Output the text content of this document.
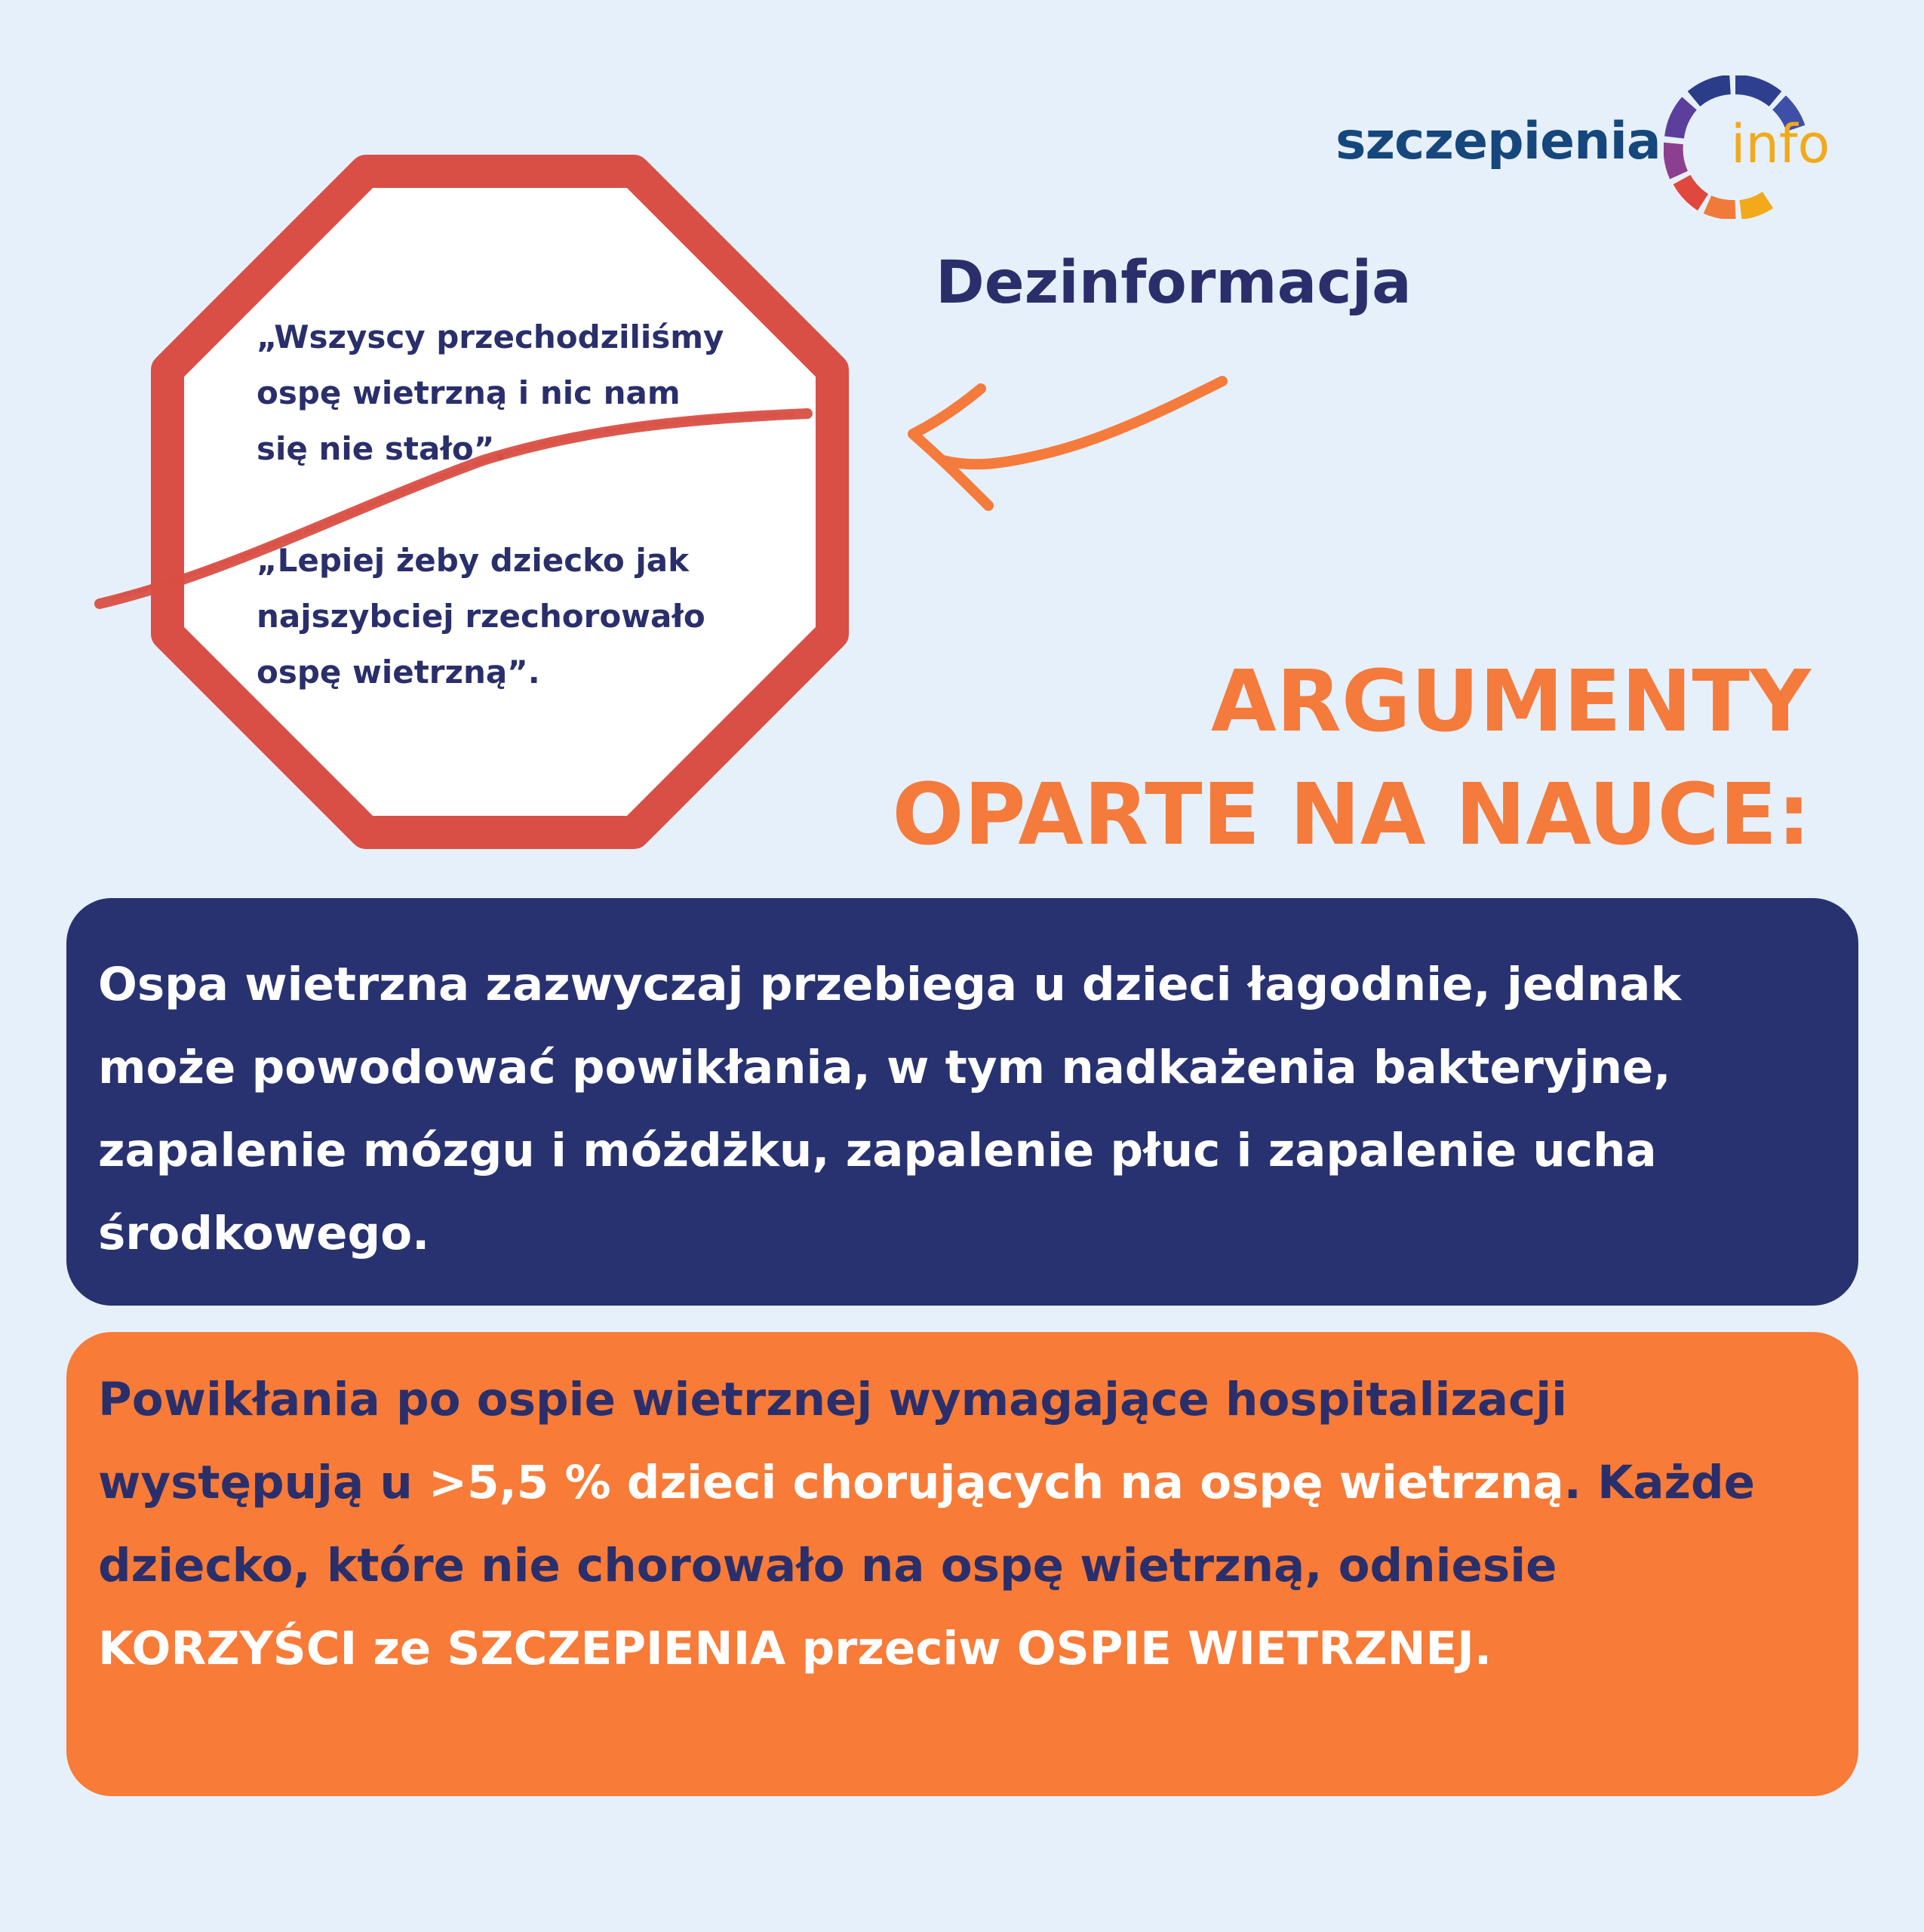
szczepienia info

„Wszyscy przechodziliśmy

ospę wietrzną i nic nam

się nie stało”.

„Lepiej żeby dziecko jak

najszybciej rzechorowało

ospę wietrzną”.

Dezinformacja
ARGUMENTY
OPARTE NA NAUCE:
Ospa wietrzna zazwyczaj przebiega u dzieci łagodnie, jednak może powodować powikłania, w tym nadkażenia bakteryjne, zapalenie mózgu i móżdżku, zapalenie płuc i zapalenie ucha środkowego.
Powikłania po ospie wietrznej wymagające hospitalizacji występują u >5,5 % dzieci chorujących na ospę wietrzną. Każde dziecko, które nie chorowało na ospę wietrzną, odniesie KORZYŚCI ze SZCZEPIENIA przeciw OSPIE WIETRZNEJ.
